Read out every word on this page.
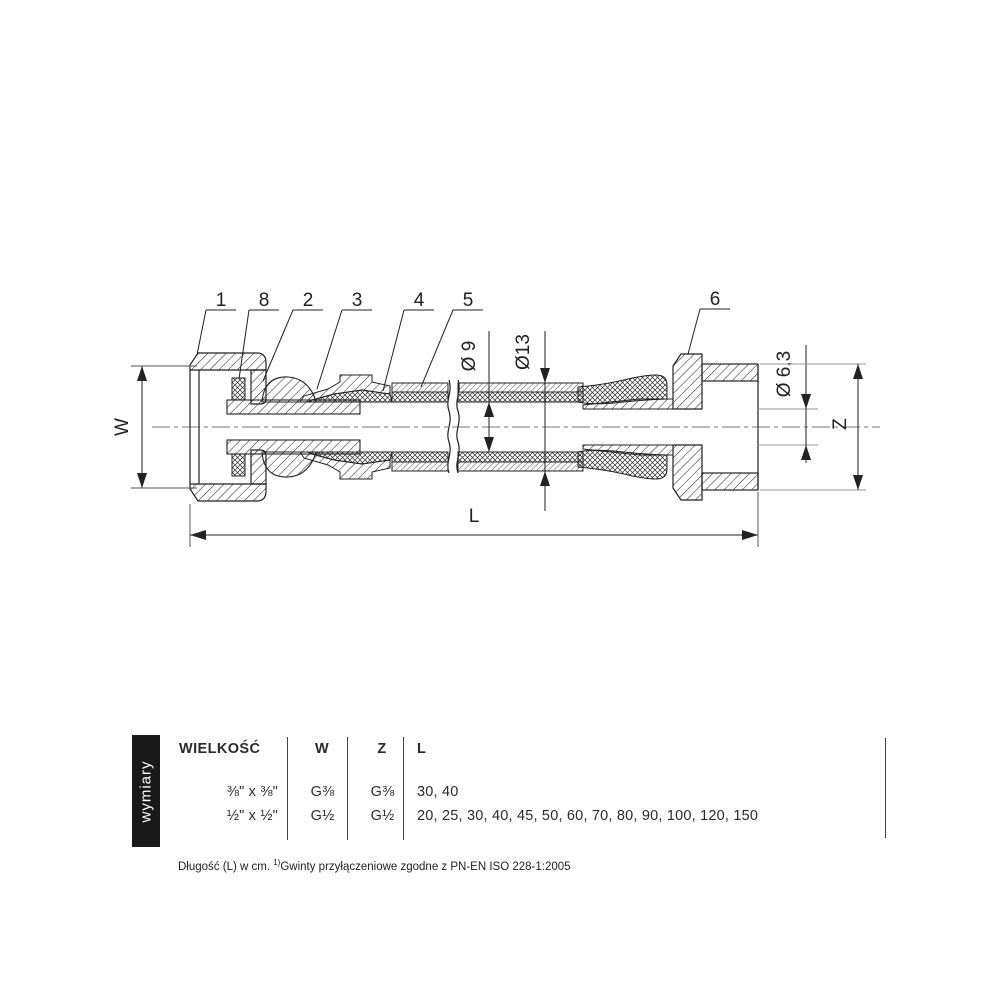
W
Ø 9 Ø13	Ø 6,3
Z
L
1 8 2 3	4 5	6
wymiary
WIELKOŚĆ	W	Z	L
⅜" x ⅜"	G⅜	G⅜	30, 40
½" x ½"	G½	G½	20, 25, 30, 40, 45, 50, 60, 70, 80, 90, 100, 120, 150
Długość (L) w cm. $^{1)}$Gwinty przyłączeniowe zgodne z PN-EN ISO 228-1:2005
